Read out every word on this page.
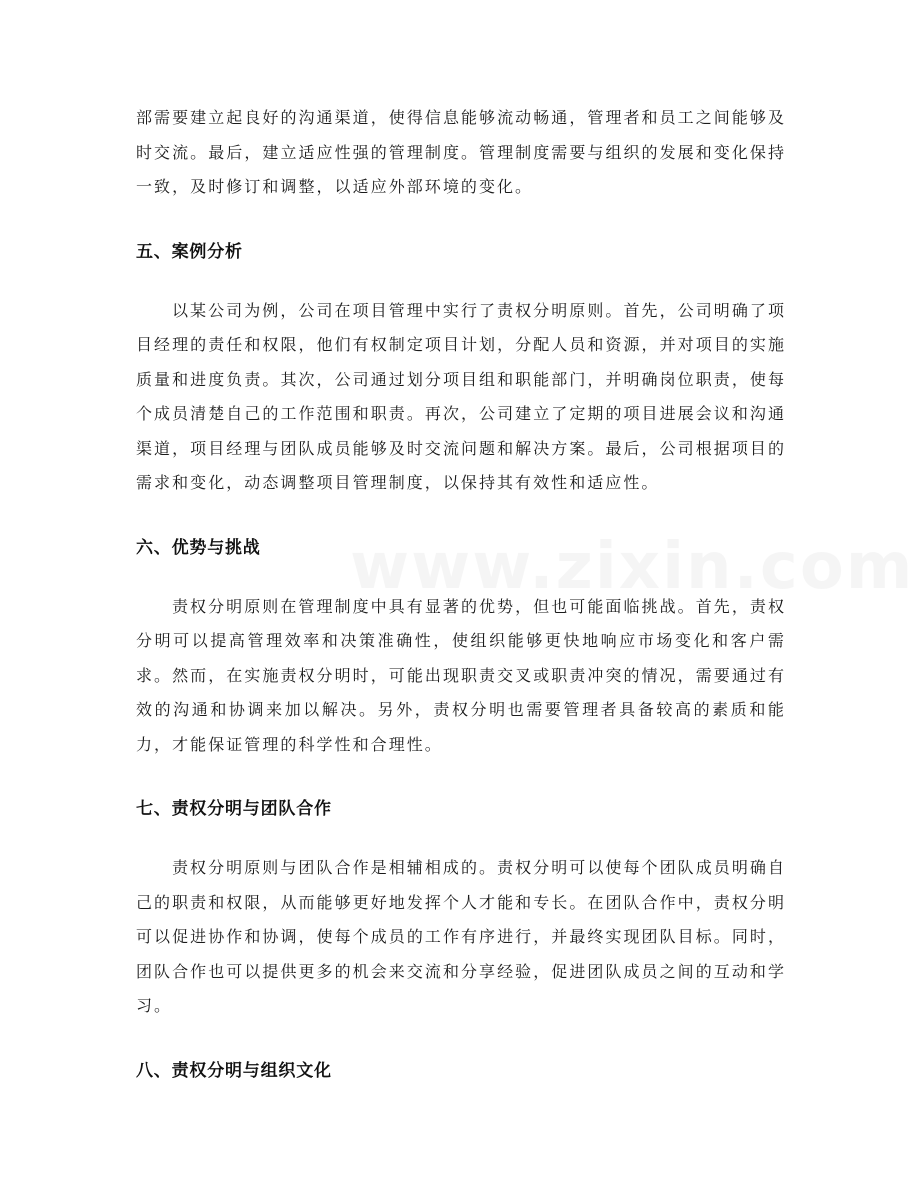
部需要建立起良好的沟通渠道，使得信息能够流动畅通，管理者和员工之间能够及时交流。最后，建立适应性强的管理制度。管理制度需要与组织的发展和变化保持一致，及时修订和调整，以适应外部环境的变化。

五、案例分析

以某公司为例，公司在项目管理中实行了责权分明原则。首先，公司明确了项目经理的责任和权限，他们有权制定项目计划，分配人员和资源，并对项目的实施质量和进度负责。其次，公司通过划分项目组和职能部门，并明确岗位职责，使每个成员清楚自己的工作范围和职责。再次，公司建立了定期的项目进展会议和沟通渠道，项目经理与团队成员能够及时交流问题和解决方案。最后，公司根据项目的需求和变化，动态调整项目管理制度，以保持其有效性和适应性。

六、优势与挑战

责权分明原则在管理制度中具有显著的优势，但也可能面临挑战。首先，责权分明可以提高管理效率和决策准确性，使组织能够更快地响应市场变化和客户需求。然而，在实施责权分明时，可能出现职责交叉或职责冲突的情况，需要通过有效的沟通和协调来加以解决。另外，责权分明也需要管理者具备较高的素质和能力，才能保证管理的科学性和合理性。

七、责权分明与团队合作

责权分明原则与团队合作是相辅相成的。责权分明可以使每个团队成员明确自己的职责和权限，从而能够更好地发挥个人才能和专长。在团队合作中，责权分明可以促进协作和协调，使每个成员的工作有序进行，并最终实现团队目标。同时，团队合作也可以提供更多的机会来交流和分享经验，促进团队成员之间的互动和学习。

八、责权分明与组织文化
